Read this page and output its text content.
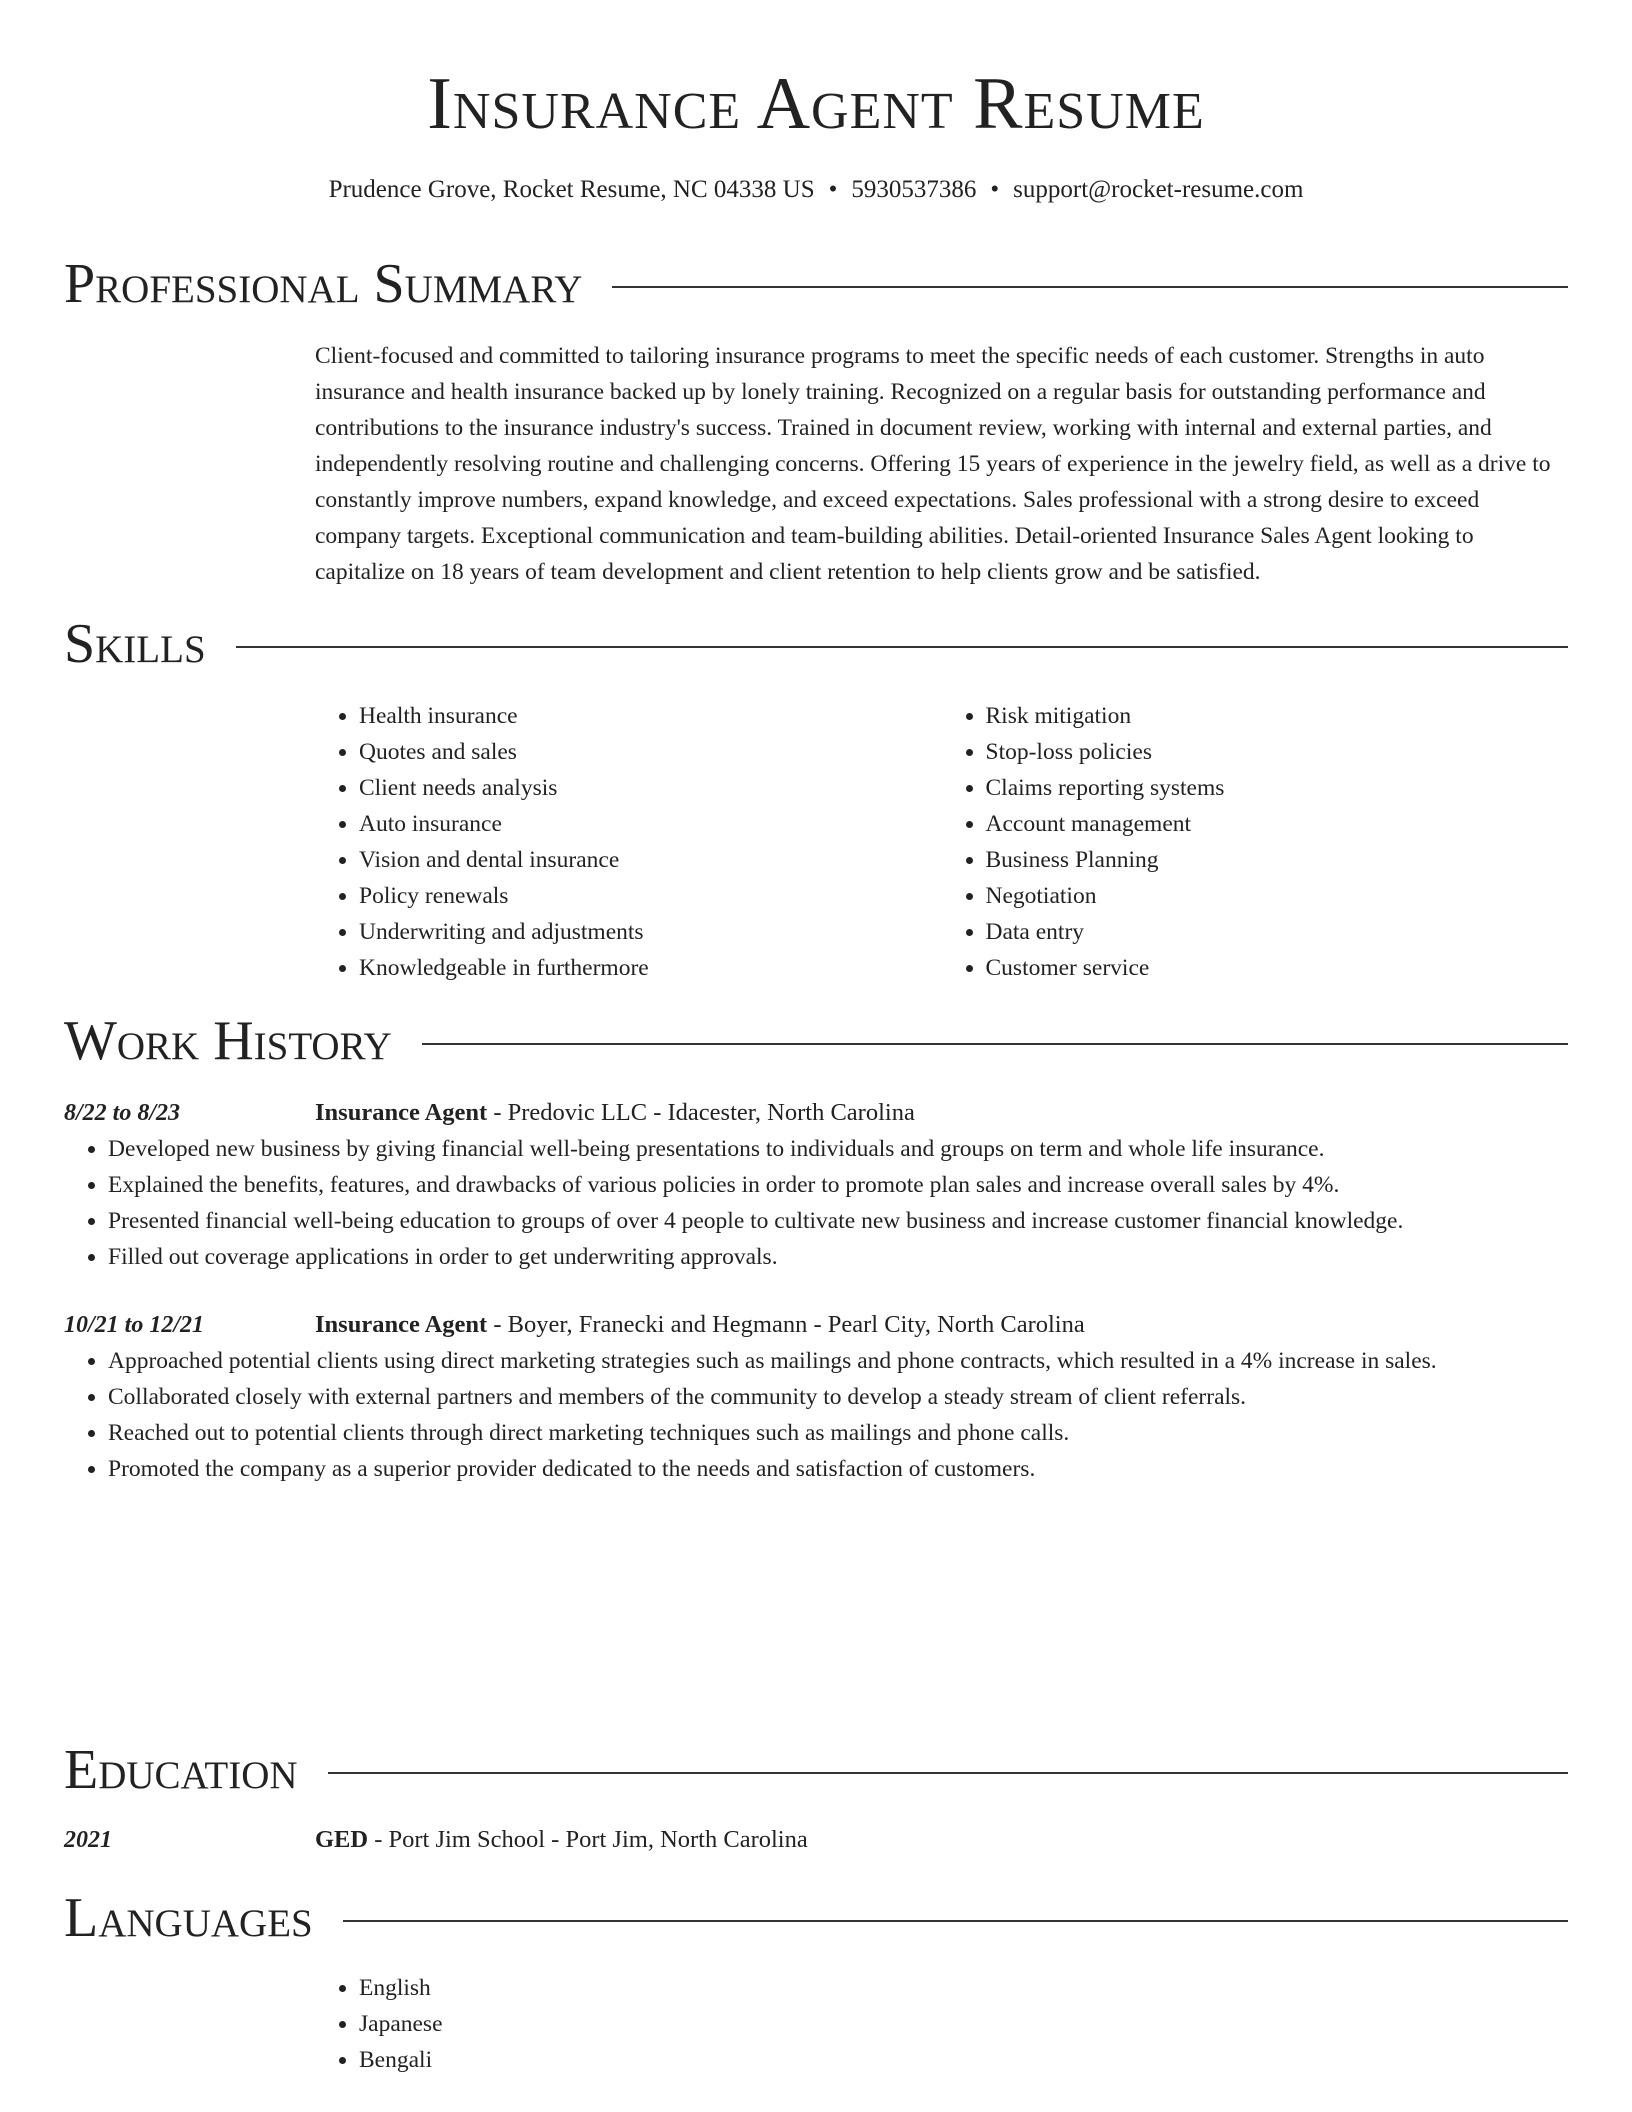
Insurance Agent Resume
Prudence Grove, Rocket Resume, NC 04338 US • 5930537386 • support@rocket-resume.com
Professional Summary
Client-focused and committed to tailoring insurance programs to meet the specific needs of each customer. Strengths in auto insurance and health insurance backed up by lonely training. Recognized on a regular basis for outstanding performance and contributions to the insurance industry's success. Trained in document review, working with internal and external parties, and independently resolving routine and challenging concerns. Offering 15 years of experience in the jewelry field, as well as a drive to constantly improve numbers, expand knowledge, and exceed expectations. Sales professional with a strong desire to exceed company targets. Exceptional communication and team-building abilities. Detail-oriented Insurance Sales Agent looking to capitalize on 18 years of team development and client retention to help clients grow and be satisfied.
Skills
• Health insurance
• Quotes and sales
• Client needs analysis
• Auto insurance
• Vision and dental insurance
• Policy renewals
• Underwriting and adjustments
• Knowledgeable in furthermore
• Risk mitigation
• Stop-loss policies
• Claims reporting systems
• Account management
• Business Planning
• Negotiation
• Data entry
• Customer service
Work History
8/22 to 8/23	Insurance Agent - Predovic LLC - Idacester, North Carolina
• Developed new business by giving financial well-being presentations to individuals and groups on term and whole life insurance.
• Explained the benefits, features, and drawbacks of various policies in order to promote plan sales and increase overall sales by 4%.
• Presented financial well-being education to groups of over 4 people to cultivate new business and increase customer financial knowledge.
• Filled out coverage applications in order to get underwriting approvals.
10/21 to 12/21	Insurance Agent - Boyer, Franecki and Hegmann - Pearl City, North Carolina
• Approached potential clients using direct marketing strategies such as mailings and phone contracts, which resulted in a 4% increase in sales.
• Collaborated closely with external partners and members of the community to develop a steady stream of client referrals.
• Reached out to potential clients through direct marketing techniques such as mailings and phone calls.
• Promoted the company as a superior provider dedicated to the needs and satisfaction of customers.
Education
2021	GED - Port Jim School - Port Jim, North Carolina
Languages
• English
• Japanese
• Bengali
